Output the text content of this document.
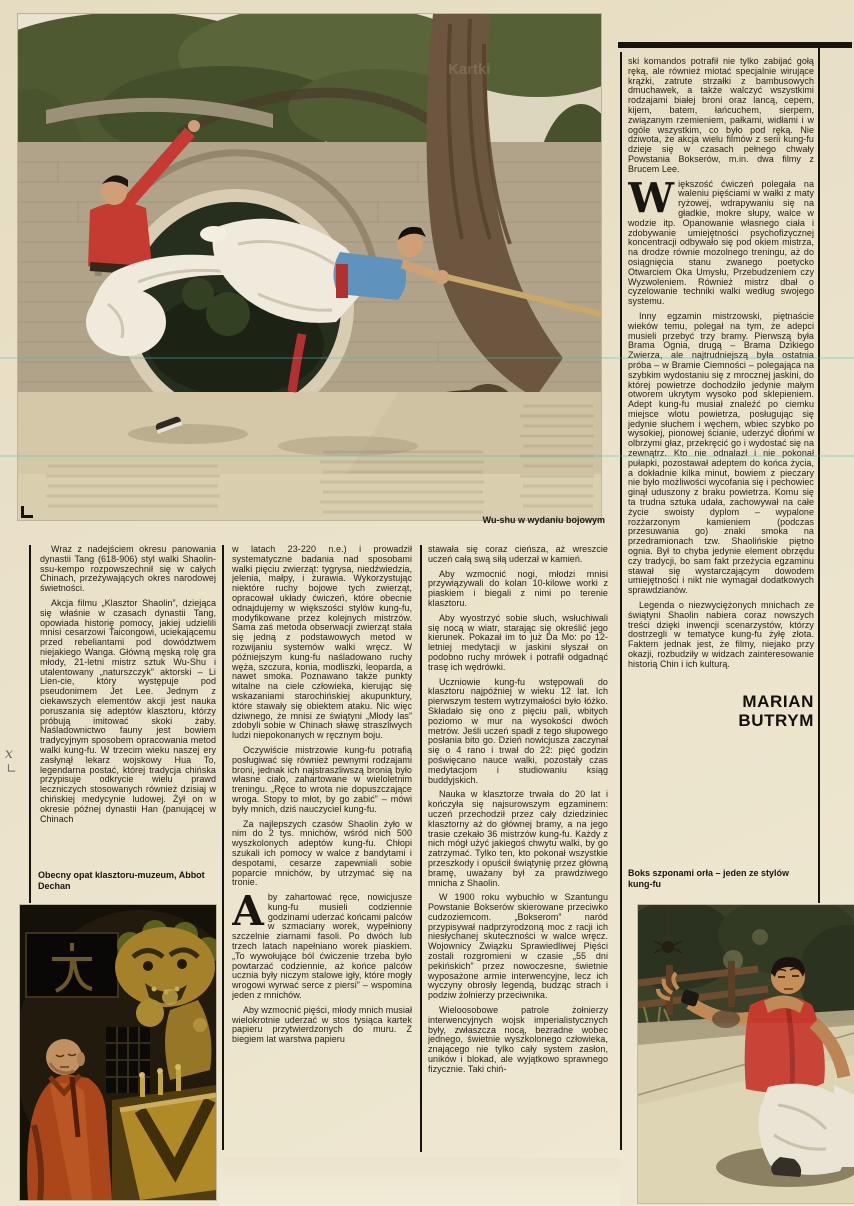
Kartki
Wu-shu w wydaniu bojowym

ski komandos potrafił nie tylko zabijać gołą ręką, ale również miotać specjalnie wirujące krążki, zatrute strzałki z bambusowych dmuchawek, a także walczyć wszystkimi rodzajami białej broni oraz lancą, cepem, kijem, batem, łańcuchem, sierpem, związanym rzemieniem, pałkami, widłami i w ogóle wszystkim, co było pod ręką. Nie dziwota, że akcja wielu filmów z serii kung-fu dzieje się w czasach pełnego chwały Powstania Bokserów, m.in. dwa filmy z Brucem Lee.

Większość ćwiczeń polegała na waleniu pięściami w wałki z maty ryżowej, wdrapywaniu się na gładkie, mokre słupy, walce w wodzie itp. Opanowanie własnego ciała i zdobywanie umiejętności psychofizycznej koncentracji odbywało się pod okiem mistrza, na drodze równie mozolnego treningu, aż do osiągnięcia stanu zwanego poetycko Otwarciem Oka Umysłu, Przebudzeniem czy Wyzwoleniem. Również mistrz dbał o cyzelowanie techniki walki według swojego systemu.

Inny egzamin mistrzowski, piętnaście wieków temu, polegał na tym, że adepci musieli przebyć trzy bramy. Pierwszą była Brama Ognia, drugą – Brama Dzikiego Zwierza, ale najtrudniejszą była ostatnia próba – w Bramie Ciemności – polegająca na szybkim wydostaniu się z mrocznej jaskini, do której powietrze dochodziło jedynie małym otworem ukrytym wysoko pod sklepieniem. Adept kung-fu musiał znaleźć po ciemku miejsce wlotu powietrza, posługując się jedynie słuchem i węchem, wbiec szybko po wysokiej, pionowej ścianie, uderzyć dłońmi w olbrzymi głaz, przekręcić go i wydostać się na zewnątrz. Kto nie odnalazł i nie pokonał pułapki, pozostawał adeptem do końca życia, a dokładnie kilka minut, bowiem z pieczary nie było możliwości wycofania się i pechowiec ginął uduszony z braku powietrza. Komu się ta trudna sztuka udała, zachowywał na całe życie swoisty dyplom – wypalone rozżarzonym kamieniem (podczas przesuwania go) znaki smoka na przedramionach tzw. Shaolińskie piętno ognia. Był to chyba jedynie element obrzędu czy tradycji, bo sam fakt przeżycia egzaminu stawał się wystarczającym dowodem umiejętności i nikt nie wymagał dodatkowych sprawdzianów.

Legenda o niezwyciężonych mnichach ze świątyni Shaolin nabiera coraz nowszych treści dzięki inwencji scenarzystów, którzy dostrzegli w tematyce kung-fu żyłę złota. Faktem jednak jest, że filmy, niejako przy okazji, rozbudziły w widzach zainteresowanie historią Chin i ich kulturą.

MARIAN
BUTRYM
Boks szponami orła – jeden ze stylów kung-fu

Wraz z nadejściem okresu panowania dynastii Tang (618-906) styl walki Shaolin-ssu-kempo rozpowszechnił się w całych Chinach, przeżywających okres narodowej świetności.

Akcja filmu „Klasztor Shaolin”, dziejąca się właśnie w czasach dynastii Tang, opowiada historię pomocy, jakiej udzielili mnisi cesarzowi Taicongowi, uciekającemu przed rebeliantami pod dowództwem niejakiego Wanga. Główną męską rolę gra młody, 21-letni mistrz sztuk Wu-Shu i utalentowany „naturszczyk” aktorski – Li Lien-cie, który występuje pod pseudonimem Jet Lee. Jednym z ciekawszych elementów akcji jest nauka poruszania się adeptów klasztoru, którzy próbują imitować skoki żaby. Naśladownictwo fauny jest bowiem tradycyjnym sposobem opracowania metod walki kung-fu. W trzecim wieku naszej ery zasłynął lekarz wojskowy Hua To, legendarna postać, której tradycja chińska przypisuje odkrycie wielu prawd leczniczych stosowanych również dzisiaj w chińskiej medycynie ludowej. Żył on w okresie późnej dynastii Han (panującej w Chinach

Obecny opat klasztoru-muzeum, Abbot Dechan

w latach 23-220 n.e.) i prowadził systematyczne badania nad sposobami walki pięciu zwierząt: tygrysa, niedźwiedzia, jelenia, małpy, i żurawia. Wykorzystując niektóre ruchy bojowe tych zwierząt, opracował układy ćwiczeń, które obecnie odnajdujemy w większości stylów kung-fu, modyfikowane przez kolejnych mistrzów. Sama zaś metoda obserwacji zwierząt stała się jedną z podstawowych metod w rozwijaniu systemów walki wręcz. W późniejszym kung-fu naśladowano ruchy węża, szczura, konia, modliszki, leoparda, a nawet smoka. Poznawano także punkty witalne na ciele człowieka, kierując się wskazaniami starochińskiej akupunktury, które stawały się obiektem ataku. Nic więc dziwnego, że mnisi ze świątyni „Młody las” zdobyli sobie w Chinach sławę straszliwych ludzi niepokonanych w ręcznym boju.

Oczywiście mistrzowie kung-fu potrafią posługiwać się również pewnymi rodzajami broni, jednak ich najstraszliwszą bronią było własne ciało, zahartowane w wieloletnim treningu. „Ręce to wrota nie dopuszczające wroga. Stopy to młot, by go zabić” – mówi były mnich, dziś nauczyciel kung-fu.

Za najlepszych czasów Shaolin żyło w nim do 2 tys. mnichów, wśród nich 500 wyszkolonych adeptów kung-fu. Chłopi szukali ich pomocy w walce z bandytami i despotami, cesarze zapewniali sobie poparcie mnichów, by utrzymać się na tronie.

Aby zahartować ręce, nowicjusze kung-fu musieli codziennie godzinami uderzać końcami palców w szmaciany worek, wypełniony szczelnie ziarnami fasoli. Po dwóch lub trzech latach napełniano worek piaskiem. „To wywołujące ból ćwiczenie trzeba było powtarzać codziennie, aż końce palców ucznia były niczym stalowe igły, które mogły wrogowi wyrwać serce z piersi” – wspomina jeden z mnichów.

Aby wzmocnić pięści, młody mnich musiał wielokrotnie uderzać w stos tysiąca kartek papieru przytwierdzonych do muru. Z biegiem lat warstwa papieru

stawała się coraz cieńsza, aż wreszcie uczeń całą swą siłą uderzał w kamień.

Aby wzmocnić nogi, młodzi mnisi przywiązywali do kolan 10-kilowe worki z piaskiem i biegali z nimi po terenie klasztoru.

Aby wyostrzyć sobie słuch, wsłuchiwali się nocą w wiatr, starając się określić jego kierunek. Pokazał im to już Da Mo: po 12-letniej medytacji w jaskini słyszał on podobno ruchy mrówek i potrafił odgadnąć trasę ich wędrówki.

Uczniowie kung-fu wstępowali do klasztoru najpóźniej w wieku 12 lat. Ich pierwszym testem wytrzymałości było łóżko. Składało się ono z pięciu pali, wbitych poziomo w mur na wysokości dwóch metrów. Jeśli uczeń spadł z tego słupowego posłania bito go. Dzień nowicjusza zaczynał się o 4 rano i trwał do 22: pięć godzin poświęcano nauce walki, pozostały czas medytacjom i studiowaniu ksiąg buddyjskich.

Nauka w klasztorze trwała do 20 lat i kończyła się najsurowszym egzaminem: uczeń przechodził przez cały dziedziniec klasztorny aż do głównej bramy, a na jego trasie czekało 36 mistrzów kung-fu. Każdy z nich mógł użyć jakiegoś chwytu walki, by go zatrzymać. Tylko ten, kto pokonał wszystkie przeszkody i opuścił świątynię przez główną bramę, uważany był za prawdziwego mnicha z Shaolin.

W 1900 roku wybuchło w Szantungu Powstanie Bokserów skierowane przeciwko cudzoziemcom. „Bokserom” naród przypisywał nadprzyrodzoną moc z racji ich niesłychanej skuteczności w walce wręcz. Wojownicy Związku Sprawiedliwej Pięści zostali rozgromieni w czasie „55 dni pekińskich” przez nowoczesne, świetnie wyposażone armie interwencyjne, lecz ich wyczyny obrosły legendą, budząc strach i podziw żołnierzy przeciwnika.

Wieloosobowe patrole żołnierzy interwencyjnych wojsk imperialistycznych były, zwłaszcza nocą, bezradne wobec jednego, świetnie wyszkolonego człowieka, znającego nie tylko cały system zasłon, uników i blokad, ale wyjątkowo sprawnego fizycznie. Taki chiń-

x
∟
